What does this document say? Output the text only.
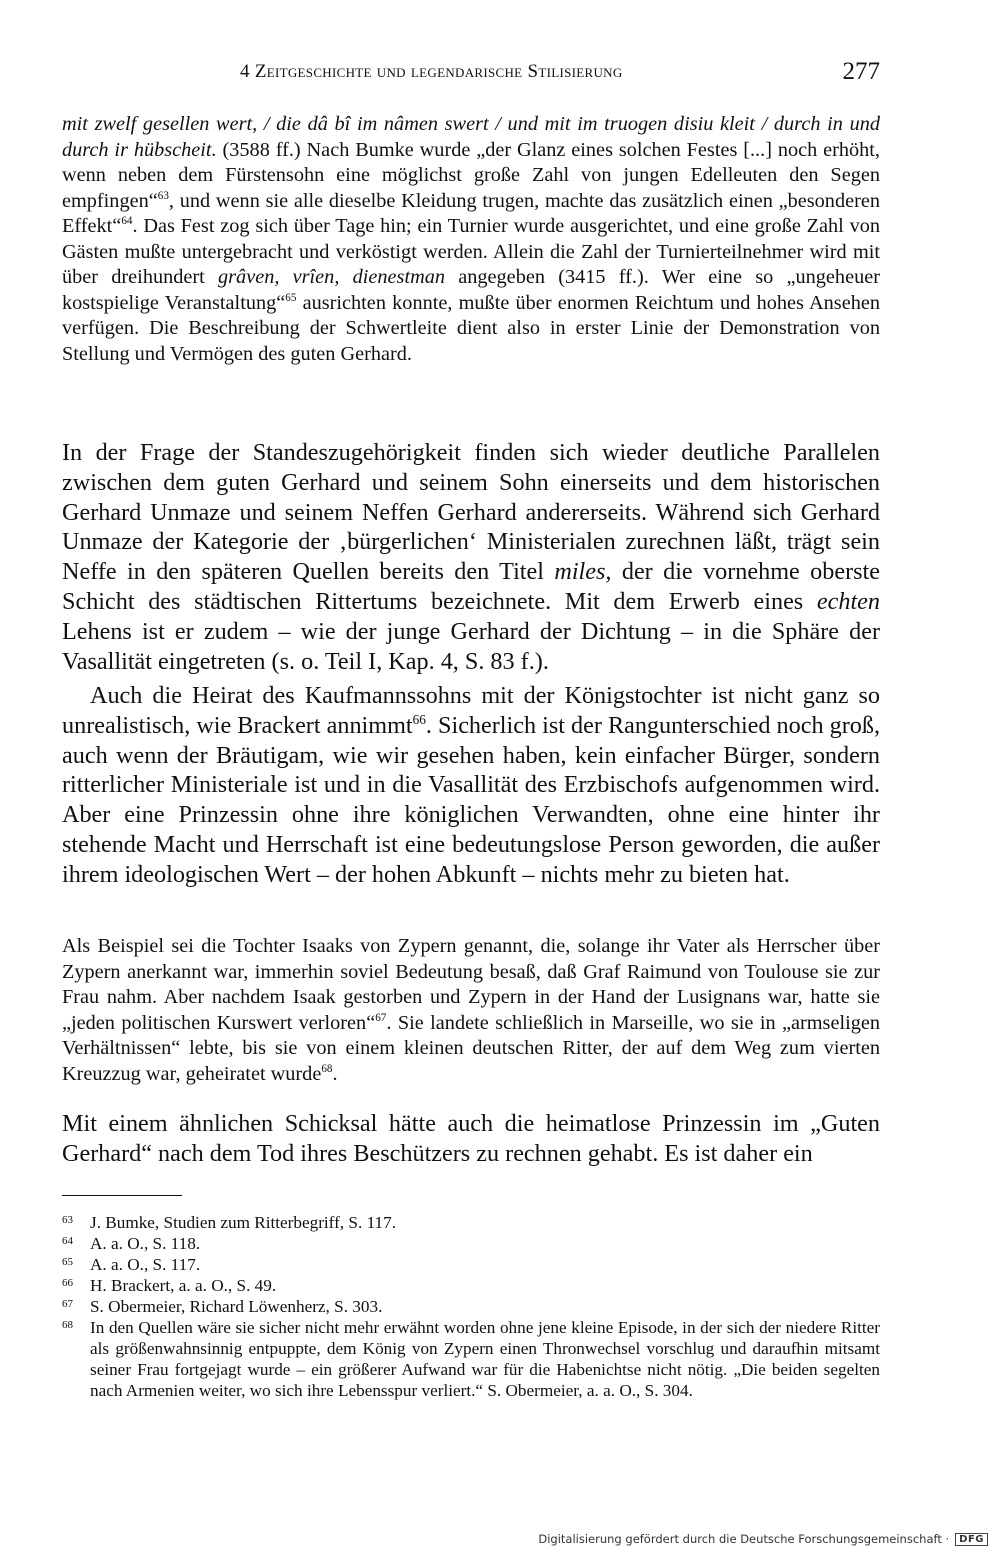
4 Zeitgeschichte und legendarische Stilisierung	277

mit zwelf gesellen wert, / die dâ bî im nâmen swert / und mit im truogen disiu kleit / durch in und durch ir hübscheit. (3588 ff.) Nach Bumke wurde „der Glanz eines solchen Festes [...] noch erhöht, wenn neben dem Fürstensohn eine möglichst große Zahl von jungen Edelleuten den Segen empfingen“$^{63}$, und wenn sie alle dieselbe Kleidung trugen, machte das zusätzlich einen „besonderen Effekt“$^{64}$. Das Fest zog sich über Tage hin; ein Turnier wurde ausgerichtet, und eine große Zahl von Gästen mußte untergebracht und verköstigt werden. Allein die Zahl der Turnierteilnehmer wird mit über dreihundert grâven, vrîen, dienestman angegeben (3415 ff.). Wer eine so „ungeheuer kostspielige Veranstaltung“$^{65}$ ausrichten konnte, mußte über enormen Reichtum und hohes Ansehen verfügen. Die Beschreibung der Schwertleite dient also in erster Linie der Demonstration von Stellung und Vermögen des guten Gerhard.

In der Frage der Standeszugehörigkeit finden sich wieder deutliche Parallelen zwischen dem guten Gerhard und seinem Sohn einerseits und dem historischen Gerhard Unmaze und seinem Neffen Gerhard andererseits. Während sich Gerhard Unmaze der Kategorie der ‚bürgerlichen‘ Ministerialen zurechnen läßt, trägt sein Neffe in den späteren Quellen bereits den Titel miles, der die vornehme oberste Schicht des städtischen Rittertums bezeichnete. Mit dem Erwerb eines echten Lehens ist er zudem – wie der junge Gerhard der Dichtung – in die Sphäre der Vasallität eingetreten (s. o. Teil I, Kap. 4, S. 83 f.).

Auch die Heirat des Kaufmannssohns mit der Königstochter ist nicht ganz so unrealistisch, wie Brackert annimmt$^{66}$. Sicherlich ist der Rangunterschied noch groß, auch wenn der Bräutigam, wie wir gesehen haben, kein einfacher Bürger, sondern ritterlicher Ministeriale ist und in die Vasallität des Erzbischofs aufgenommen wird. Aber eine Prinzessin ohne ihre königlichen Verwandten, ohne eine hinter ihr stehende Macht und Herrschaft ist eine bedeutungslose Person geworden, die außer ihrem ideologischen Wert – der hohen Abkunft – nichts mehr zu bieten hat.

Als Beispiel sei die Tochter Isaaks von Zypern genannt, die, solange ihr Vater als Herrscher über Zypern anerkannt war, immerhin soviel Bedeutung besaß, daß Graf Raimund von Toulouse sie zur Frau nahm. Aber nachdem Isaak gestorben und Zypern in der Hand der Lusignans war, hatte sie „jeden politischen Kurswert verloren“$^{67}$. Sie landete schließlich in Marseille, wo sie in „armseligen Verhältnissen“ lebte, bis sie von einem kleinen deutschen Ritter, der auf dem Weg zum vierten Kreuzzug war, geheiratet wurde$^{68}$.

Mit einem ähnlichen Schicksal hätte auch die heimatlose Prinzessin im „Guten Gerhard“ nach dem Tod ihres Beschützers zu rechnen gehabt. Es ist daher ein

63 J. Bumke, Studien zum Ritterbegriff, S. 117.
64 A. a. O., S. 118.
65 A. a. O., S. 117.
66 H. Brackert, a. a. O., S. 49.
67 S. Obermeier, Richard Löwenherz, S. 303.
68 In den Quellen wäre sie sicher nicht mehr erwähnt worden ohne jene kleine Episode, in der sich der niedere Ritter als größenwahnsinnig entpuppte, dem König von Zypern einen Thronwechsel vorschlug und daraufhin mitsamt seiner Frau fortgejagt wurde – ein größerer Aufwand war für die Habenichtse nicht nötig. „Die beiden segelten nach Armenien weiter, wo sich ihre Lebensspur verliert.“ S. Obermeier, a. a. O., S. 304.
Digitalisierung gefördert durch die Deutsche Forschungsgemeinschaft ·	DFG
